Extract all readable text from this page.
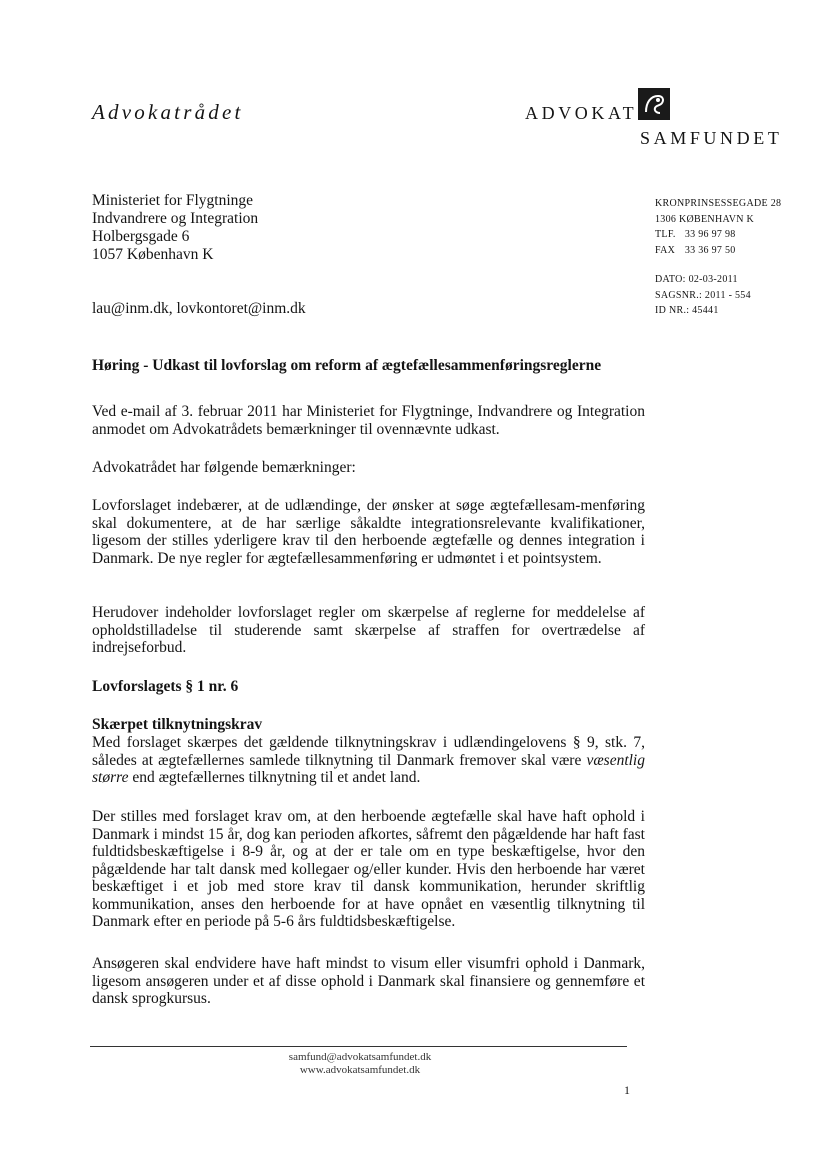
Advokatrådet	ADVOKAT
SAMFUNDET
Ministeriet for Flygtninge
Indvandrere og Integration
Holbergsgade 6
1057 København K
lau@inm.dk, lovkontoret@inm.dk
KRONPRINSESSEGADE 28
1306 KØBENHAVN K
TLF. 33 96 97 98
FAX 33 36 97 50
DATO: 02-03-2011
SAGSNR.: 2011 - 554
ID NR.: 45441
Høring - Udkast til lovforslag om reform af ægtefællesammenføringsreglerne
Ved e-mail af 3. februar 2011 har Ministeriet for Flygtninge, Indvandrere og Integration anmodet om Advokatrådets bemærkninger til ovennævnte udkast.
Advokatrådet har følgende bemærkninger:
Lovforslaget indebærer, at de udlændinge, der ønsker at søge ægtefællesam-menføring skal dokumentere, at de har særlige såkaldte integrationsrelevante kvalifikationer, ligesom der stilles yderligere krav til den herboende ægtefælle og dennes integration i Danmark. De nye regler for ægtefællesammenføring er udmøntet i et pointsystem.
Herudover indeholder lovforslaget regler om skærpelse af reglerne for meddelelse af opholdstilladelse til studerende samt skærpelse af straffen for overtrædelse af indrejseforbud.
Lovforslagets § 1 nr. 6
Skærpet tilknytningskrav
Med forslaget skærpes det gældende tilknytningskrav i udlændingelovens § 9, stk. 7, således at ægtefællernes samlede tilknytning til Danmark fremover skal være væsentlig større end ægtefællernes tilknytning til et andet land.
Der stilles med forslaget krav om, at den herboende ægtefælle skal have haft ophold i Danmark i mindst 15 år, dog kan perioden afkortes, såfremt den pågældende har haft fast fuldtidsbeskæftigelse i 8-9 år, og at der er tale om en type beskæftigelse, hvor den pågældende har talt dansk med kollegaer og/eller kunder. Hvis den herboende har været beskæftiget i et job med store krav til dansk kommunikation, herunder skriftlig kommunikation, anses den herboende for at have opnået en væsentlig tilknytning til Danmark efter en periode på 5-6 års fuldtidsbeskæftigelse.
Ansøgeren skal endvidere have haft mindst to visum eller visumfri ophold i Danmark, ligesom ansøgeren under et af disse ophold i Danmark skal finansiere og gennemføre et dansk sprogkursus.
samfund@advokatsamfundet.dk
www.advokatsamfundet.dk
1
